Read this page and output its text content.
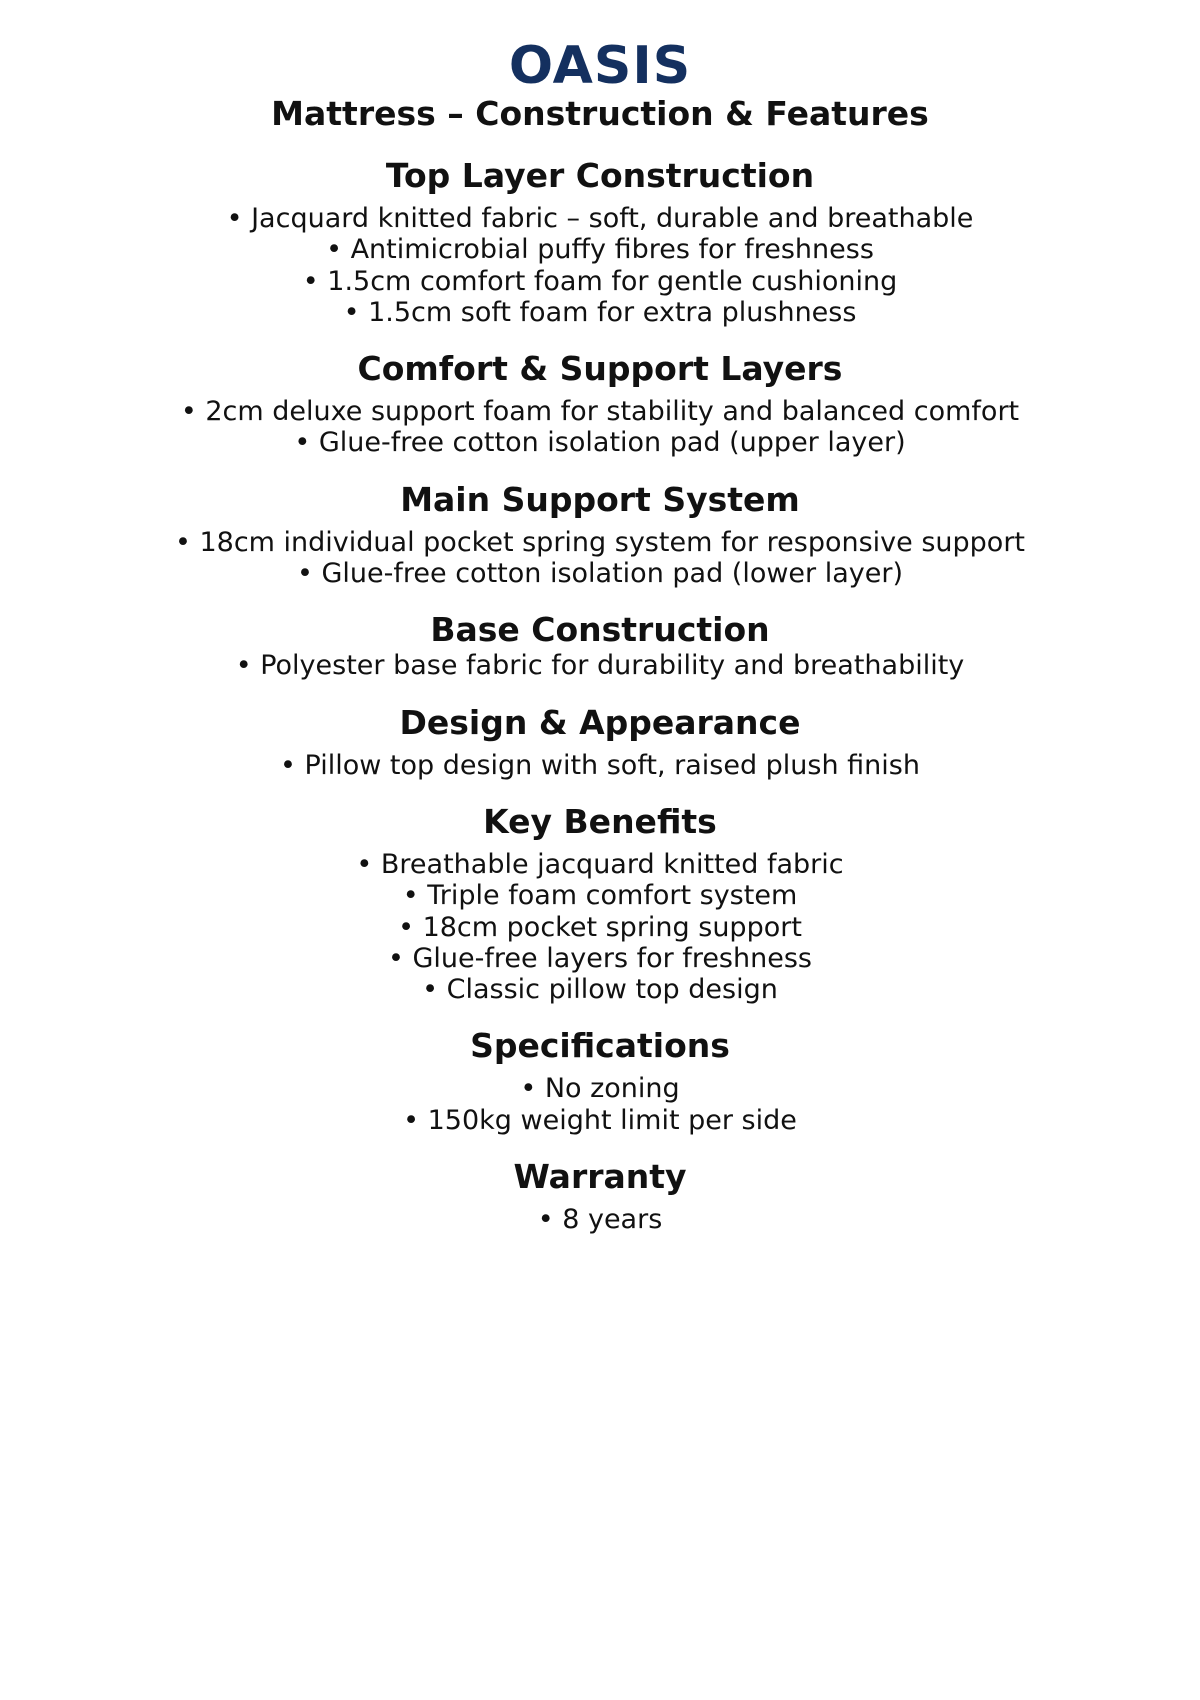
OASIS
Mattress – Construction & Features
Top Layer Construction
• Jacquard knitted fabric – soft, durable and breathable
• Antimicrobial puffy fibres for freshness
• 1.5cm comfort foam for gentle cushioning
• 1.5cm soft foam for extra plushness
Comfort & Support Layers
• 2cm deluxe support foam for stability and balanced comfort
• Glue-free cotton isolation pad (upper layer)
Main Support System
• 18cm individual pocket spring system for responsive support
• Glue-free cotton isolation pad (lower layer)
Base Construction
• Polyester base fabric for durability and breathability
Design & Appearance
• Pillow top design with soft, raised plush finish
Key Benefits
• Breathable jacquard knitted fabric
• Triple foam comfort system
• 18cm pocket spring support
• Glue-free layers for freshness
• Classic pillow top design
Specifications
• No zoning
• 150kg weight limit per side
Warranty
• 8 years
